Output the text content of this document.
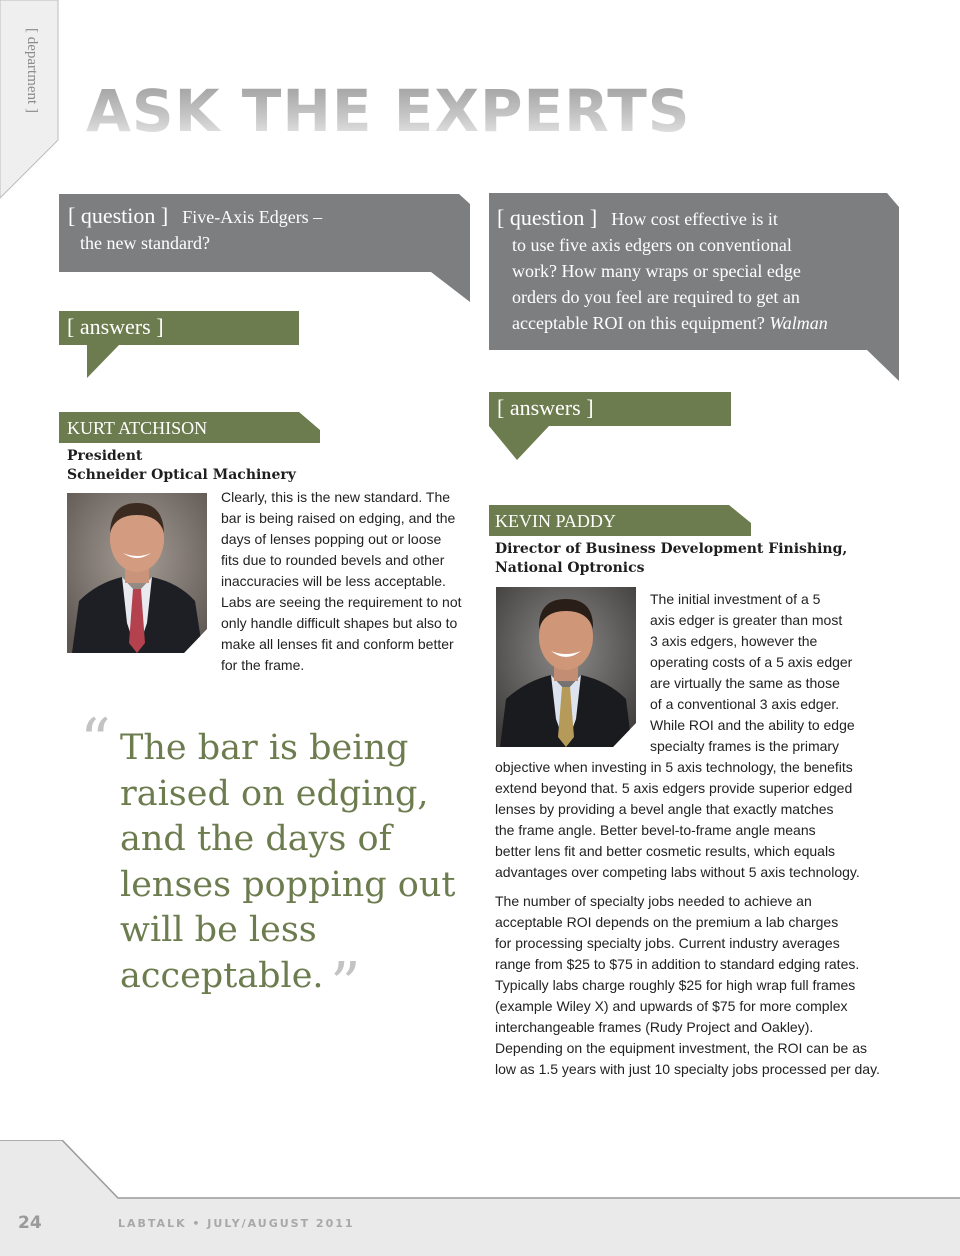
[ department ] ASK THE EXPERTS
[ question ] Five-Axis Edgers –
the new standard?
[ answers ]
KURT ATCHISON
President
Schneider Optical Machinery
Clearly, this is the new standard. The
bar is being raised on edging, and the
days of lenses popping out or loose
fits due to rounded bevels and other
inaccuracies will be less acceptable.
Labs are seeing the requirement to not
only handle difficult shapes but also to
make all lenses fit and conform better
for the frame.
“ The bar is being raised on edging, and the days of lenses popping out will be less acceptable. ”
[ question ] How cost effective is it
to use five axis edgers on conventional
work? How many wraps or special edge
orders do you feel are required to get an
acceptable ROI on this equipment? Walman
[ answers ]
KEVIN PADDY
Director of Business Development Finishing,
National Optronics
The initial investment of a 5
axis edger is greater than most
3 axis edgers, however the
operating costs of a 5 axis edger
are virtually the same as those
of a conventional 3 axis edger.
While ROI and the ability to edge
specialty frames is the primary
objective when investing in 5 axis technology, the benefits
extend beyond that. 5 axis edgers provide superior edged
lenses by providing a bevel angle that exactly matches
the frame angle. Better bevel-to-frame angle means
better lens fit and better cosmetic results, which equals
advantages over competing labs without 5 axis technology.
The number of specialty jobs needed to achieve an
acceptable ROI depends on the premium a lab charges
for processing specialty jobs. Current industry averages
range from $25 to $75 in addition to standard edging rates.
Typically labs charge roughly $25 for high wrap full frames
(example Wiley X) and upwards of $75 for more complex
interchangeable frames (Rudy Project and Oakley).
Depending on the equipment investment, the ROI can be as
low as 1.5 years with just 10 specialty jobs processed per day.
24	LABTALK • JULY/AUGUST 2011
